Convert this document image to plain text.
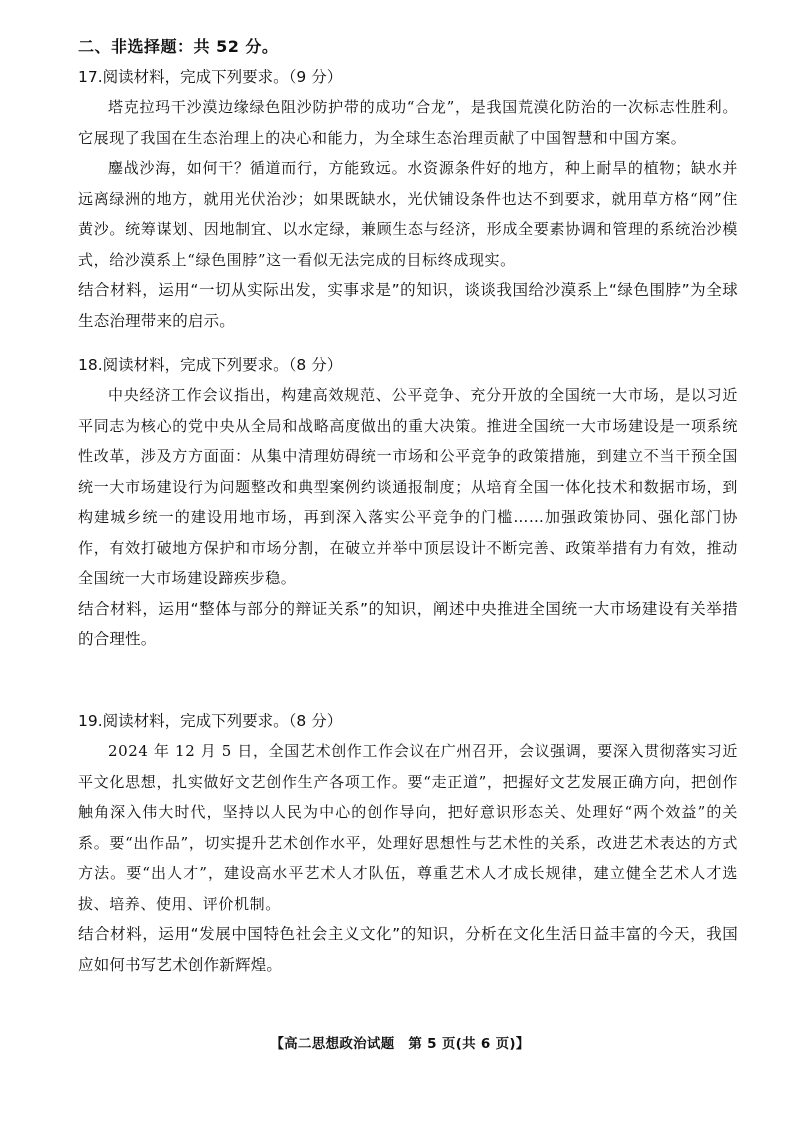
二、非选择题：共 52 分。
17.阅读材料，完成下列要求。（9 分）
塔克拉玛干沙漠边缘绿色阻沙防护带的成功“合龙”，是我国荒漠化防治的一次标志性胜利。它展现了我国在生态治理上的决心和能力，为全球生态治理贡献了中国智慧和中国方案。
鏖战沙海，如何干？循道而行，方能致远。水资源条件好的地方，种上耐旱的植物；缺水并远离绿洲的地方，就用光伏治沙；如果既缺水，光伏铺设条件也达不到要求，就用草方格“网”住黄沙。统筹谋划、因地制宜、以水定绿，兼顾生态与经济，形成全要素协调和管理的系统治沙模式，给沙漠系上“绿色围脖”这一看似无法完成的目标终成现实。
结合材料，运用“一切从实际出发，实事求是”的知识，谈谈我国给沙漠系上“绿色围脖”为全球生态治理带来的启示。
18.阅读材料，完成下列要求。（8 分）
中央经济工作会议指出，构建高效规范、公平竞争、充分开放的全国统一大市场，是以习近平同志为核心的党中央从全局和战略高度做出的重大决策。推进全国统一大市场建设是一项系统性改革，涉及方方面面：从集中清理妨碍统一市场和公平竞争的政策措施，到建立不当干预全国统一大市场建设行为问题整改和典型案例约谈通报制度；从培育全国一体化技术和数据市场，到构建城乡统一的建设用地市场，再到深入落实公平竞争的门槛……加强政策协同、强化部门协作，有效打破地方保护和市场分割，在破立并举中顶层设计不断完善、政策举措有力有效，推动全国统一大市场建设蹄疾步稳。
结合材料，运用“整体与部分的辩证关系”的知识，阐述中央推进全国统一大市场建设有关举措的合理性。
19.阅读材料，完成下列要求。（8 分）
2024 年 12 月 5 日，全国艺术创作工作会议在广州召开，会议强调，要深入贯彻落实习近平文化思想，扎实做好文艺创作生产各项工作。要“走正道”，把握好文艺发展正确方向，把创作触角深入伟大时代，坚持以人民为中心的创作导向，把好意识形态关、处理好“两个效益”的关系。要“出作品”，切实提升艺术创作水平，处理好思想性与艺术性的关系，改进艺术表达的方式方法。要“出人才”，建设高水平艺术人才队伍，尊重艺术人才成长规律，建立健全艺术人才选拔、培养、使用、评价机制。
结合材料，运用“发展中国特色社会主义文化”的知识，分析在文化生活日益丰富的今天，我国应如何书写艺术创作新辉煌。
【高二思想政治试题　第 5 页(共 6 页)】
